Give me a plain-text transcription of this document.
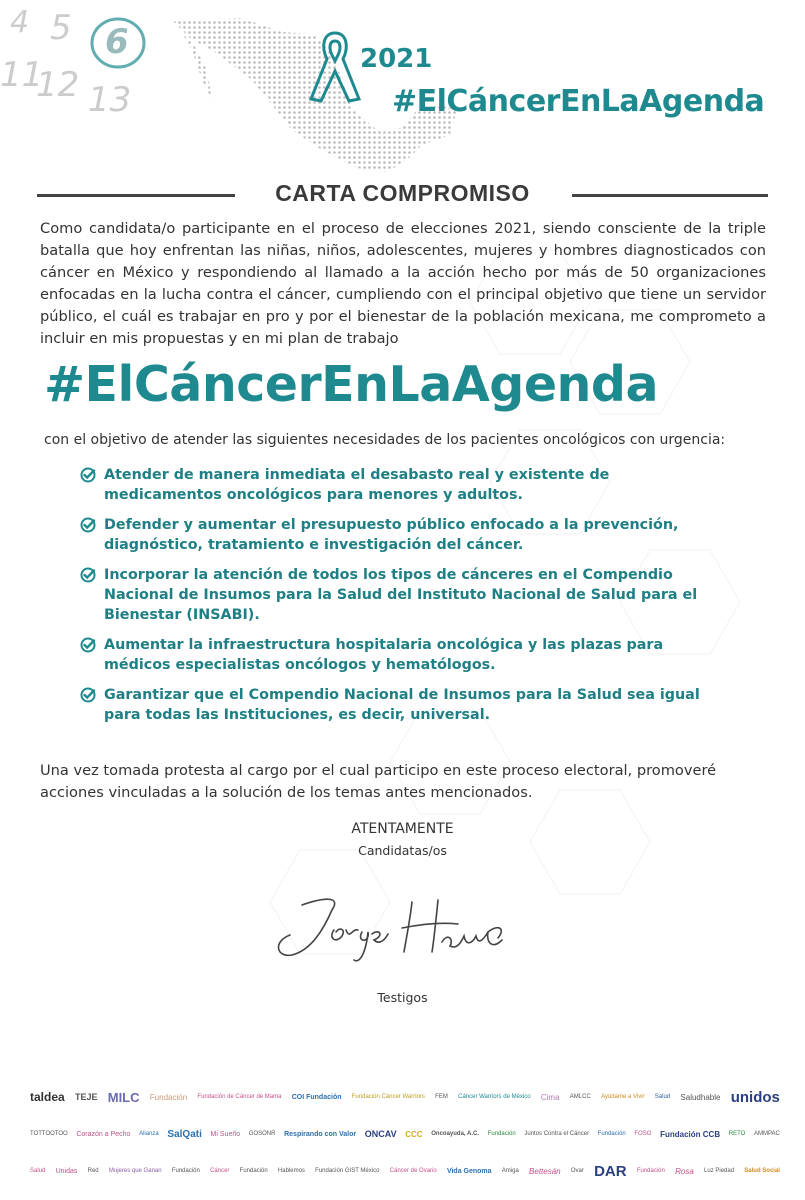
4 5 6
11
12 13
2021
#ElCáncerEnLaAgenda
CARTA COMPROMISO
Como candidata/o participante en el proceso de elecciones 2021, siendo consciente de la triple batalla que hoy enfrentan las niñas, niños, adolescentes, mujeres y hombres diagnosticados con cáncer en México y respondiendo al llamado a la acción hecho por más de 50 organizaciones enfocadas en la lucha contra el cáncer, cumpliendo con el principal objetivo que tiene un servidor público, el cuál es trabajar en pro y por el bienestar de la población mexicana, me comprometo a incluir en mis propuestas y en mi plan de trabajo
#ElCáncerEnLaAgenda
con el objetivo de atender las siguientes necesidades de los pacientes oncológicos con urgencia:
Atender de manera inmediata el desabasto real y existente de medicamentos oncológicos para menores y adultos.
Defender y aumentar el presupuesto público enfocado a la prevención, diagnóstico, tratamiento e investigación del cáncer.
Incorporar la atención de todos los tipos de cánceres en el Compendio Nacional de Insumos para la Salud del Instituto Nacional de Salud para el Bienestar (INSABI).
Aumentar la infraestructura hospitalaria oncológica y las plazas para médicos especialistas oncólogos y hematólogos.
Garantizar que el Compendio Nacional de Insumos para la Salud sea igual para todas las Instituciones, es decir, universal.
Una vez tomada protesta al cargo por el cual participo en este proceso electoral, promoveré acciones vinculadas a la solución de los temas antes mencionados.
ATENTAMENTE
Candidatas/os
Testigos
taldea TEJE MILC Fundación Fundación de Cáncer de Mama COI Fundación Fundación Cáncer Warriors FEM Cáncer Warriors de México Cima AMLCC Ayúdame a Vivir Salud Saludhable unidos
TOTTOOTOO Corazón a Pecho Alianza SalQati Mi Sueño GOSONR Respirando con Valor ONCAV CCC Oncoayuda, A.C. Fundación Juntos Contra el Cáncer Fundación FOSO Fundación CCB RETO AMMPAC
Salud Unidas Red Mujeres que Ganan Fundación Cáncer Fundación Hablemos Fundación GIST México Cáncer de Ovario Vida Genoma Amiga Bettesán Ovar DAR Fundación Rosa Luz Piedad Salud Social
